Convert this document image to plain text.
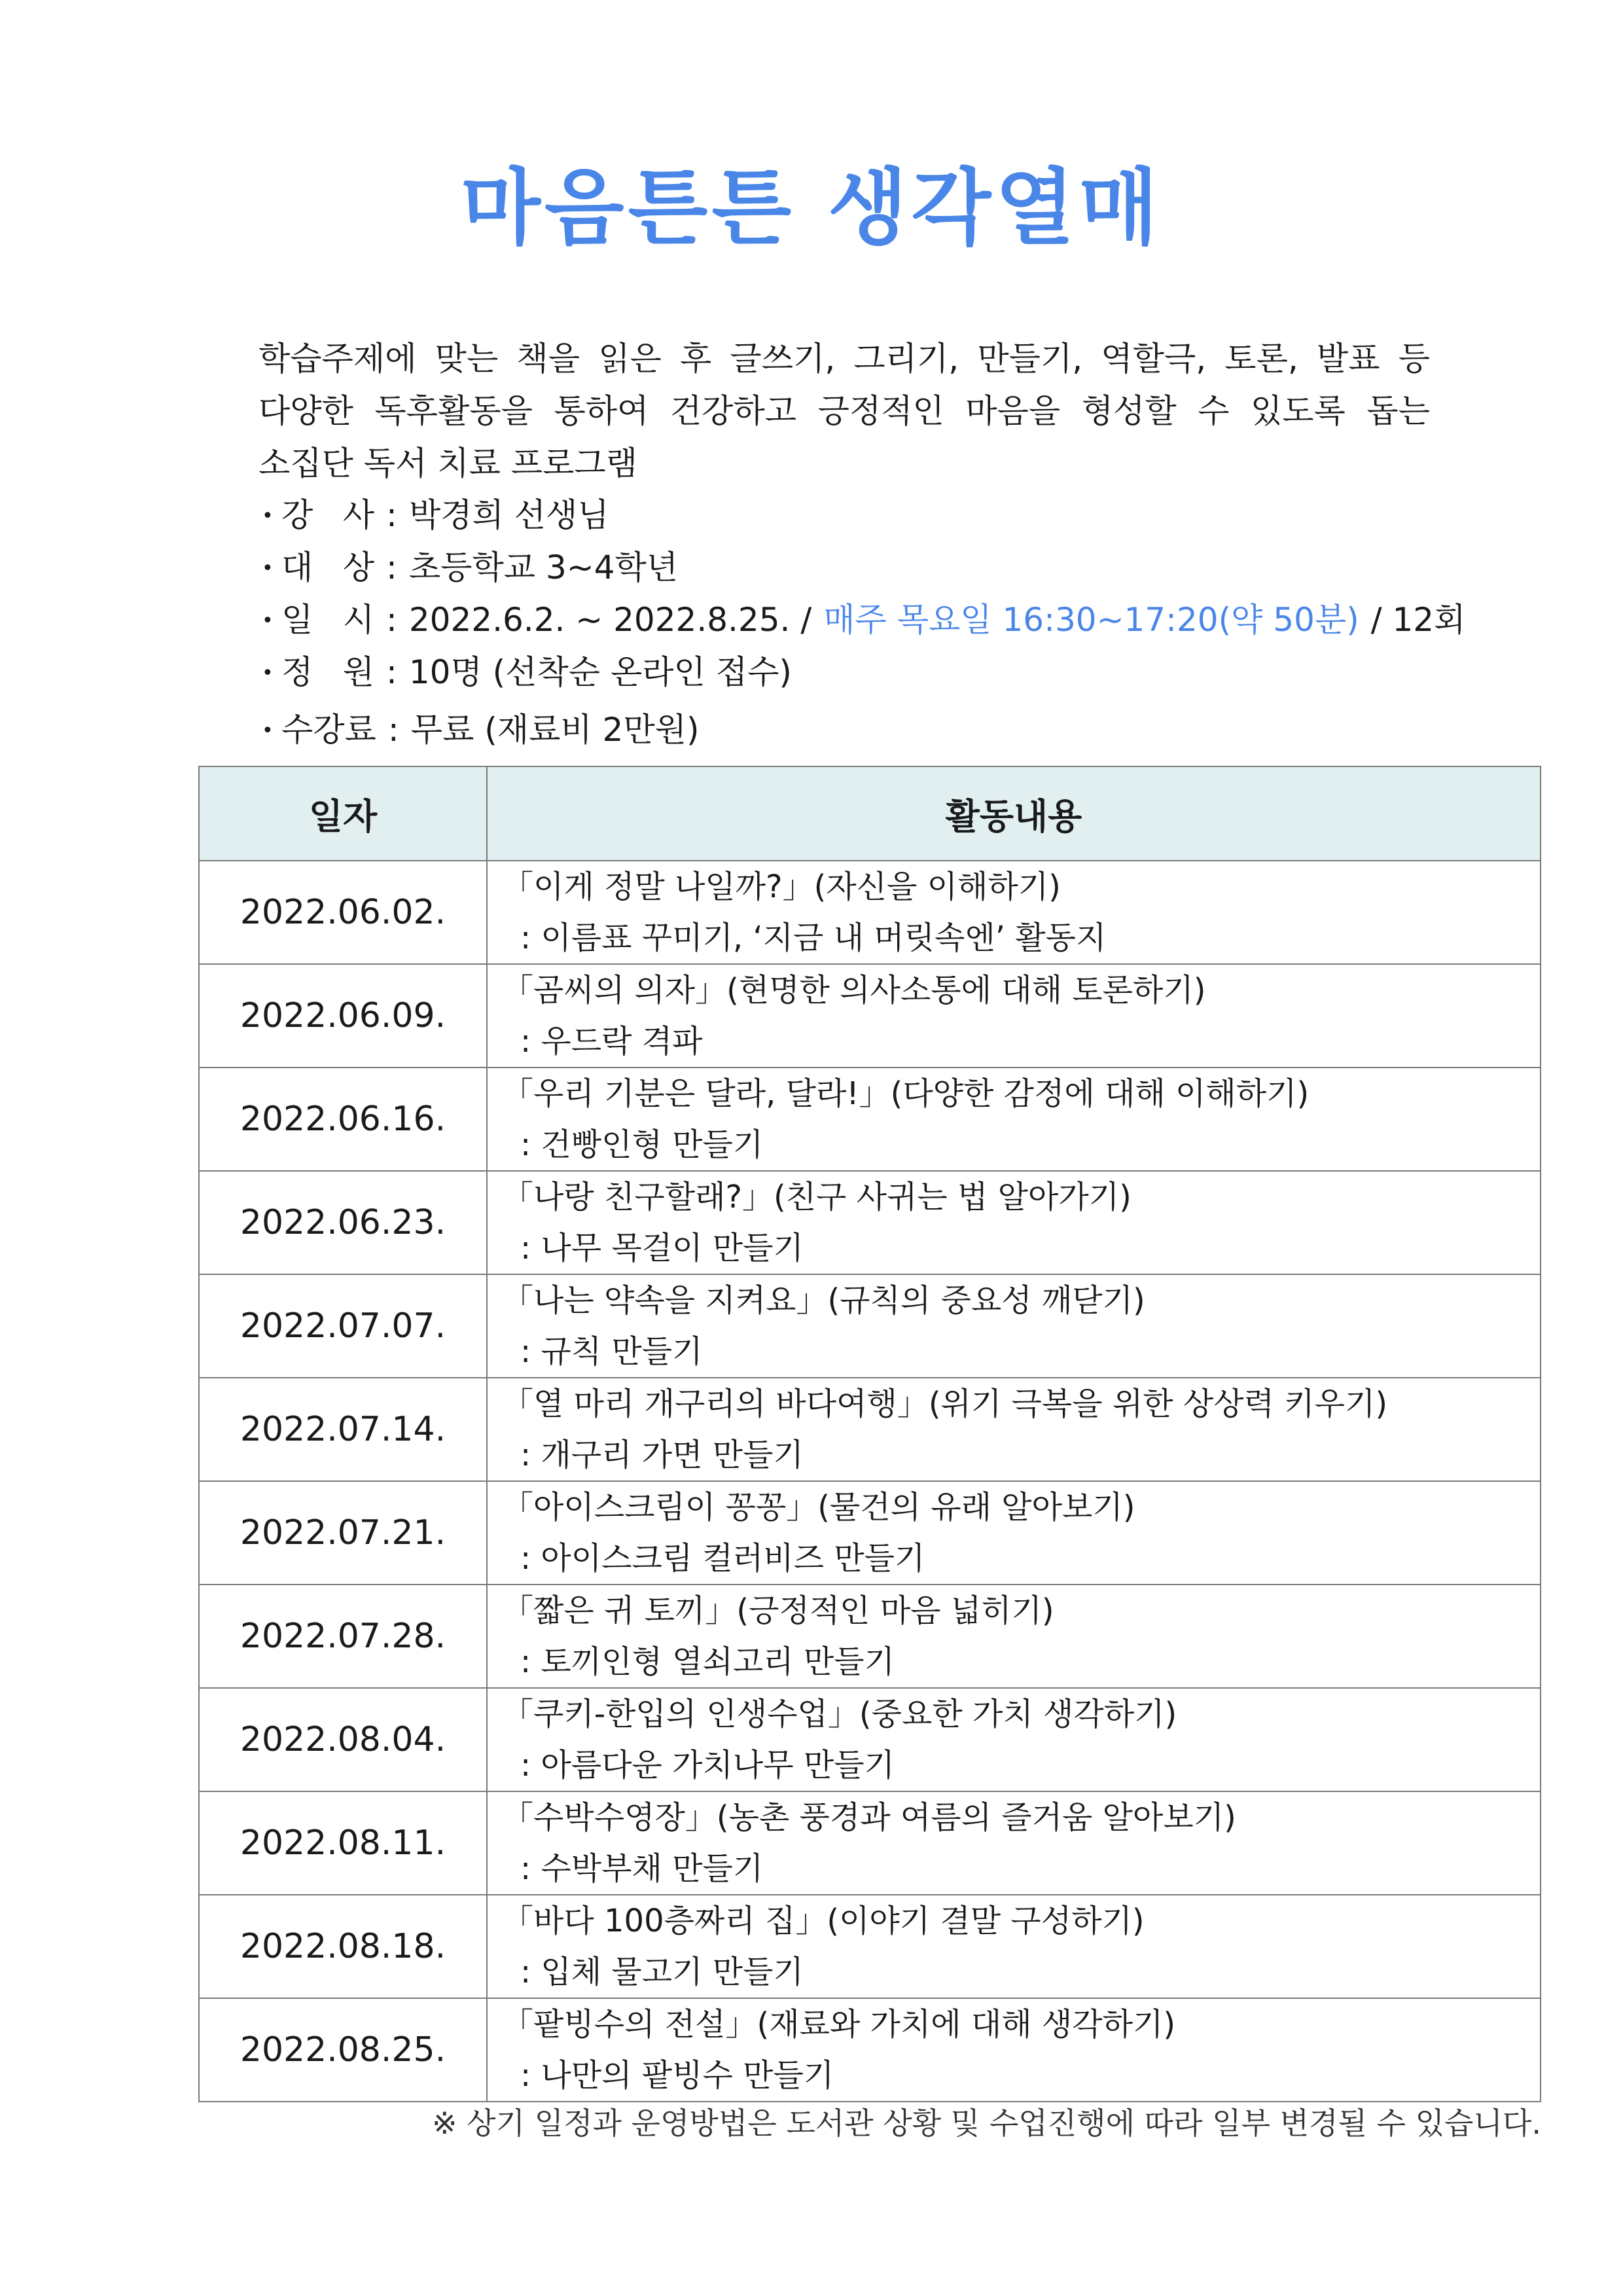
마음튼튼 생각열매
학습주제에 맞는 책을 읽은 후 글쓰기, 그리기, 만들기, 역할극, 토론, 발표 등
다양한 독후활동을 통하여 건강하고 긍정적인 마음을 형성할 수 있도록 돕는
소집단 독서 치료 프로그램
• 강 사 : 박경희 선생님
• 대 상 : 초등학교 3~4학년
• 일 시 : 2022.6.2. ~ 2022.8.25. / 매주 목요일 16:30~17:20(약 50분) / 12회
• 정 원 : 10명 (선착순 온라인 접수)
• 수강료 : 무료 (재료비 2만원)
일자	활동내용
2022.06.02.	「이게 정말 나일까?」(자신을 이해하기)
: 이름표 꾸미기, ‘지금 내 머릿속엔’ 활동지

2022.06.09.	「곰씨의 의자」(현명한 의사소통에 대해 토론하기)
: 우드락 격파

2022.06.16.	「우리 기분은 달라, 달라!」(다양한 감정에 대해 이해하기)
: 건빵인형 만들기

2022.06.23.	「나랑 친구할래?」(친구 사귀는 법 알아가기)
: 나무 목걸이 만들기

2022.07.07.	「나는 약속을 지켜요」(규칙의 중요성 깨닫기)
: 규칙 만들기

2022.07.14.	「열 마리 개구리의 바다여행」(위기 극복을 위한 상상력 키우기)
: 개구리 가면 만들기

2022.07.21.	「아이스크림이 꽁꽁」(물건의 유래 알아보기)
: 아이스크림 컬러비즈 만들기

2022.07.28.	「짧은 귀 토끼」(긍정적인 마음 넓히기)
: 토끼인형 열쇠고리 만들기

2022.08.04.	「쿠키-한입의 인생수업」(중요한 가치 생각하기)
: 아름다운 가치나무 만들기

2022.08.11.	「수박수영장」(농촌 풍경과 여름의 즐거움 알아보기)
: 수박부채 만들기

2022.08.18.	「바다 100층짜리 집」(이야기 결말 구성하기)
: 입체 물고기 만들기

2022.08.25.	「팥빙수의 전설」(재료와 가치에 대해 생각하기)
: 나만의 팥빙수 만들기
※ 상기 일정과 운영방법은 도서관 상황 및 수업진행에 따라 일부 변경될 수 있습니다.
